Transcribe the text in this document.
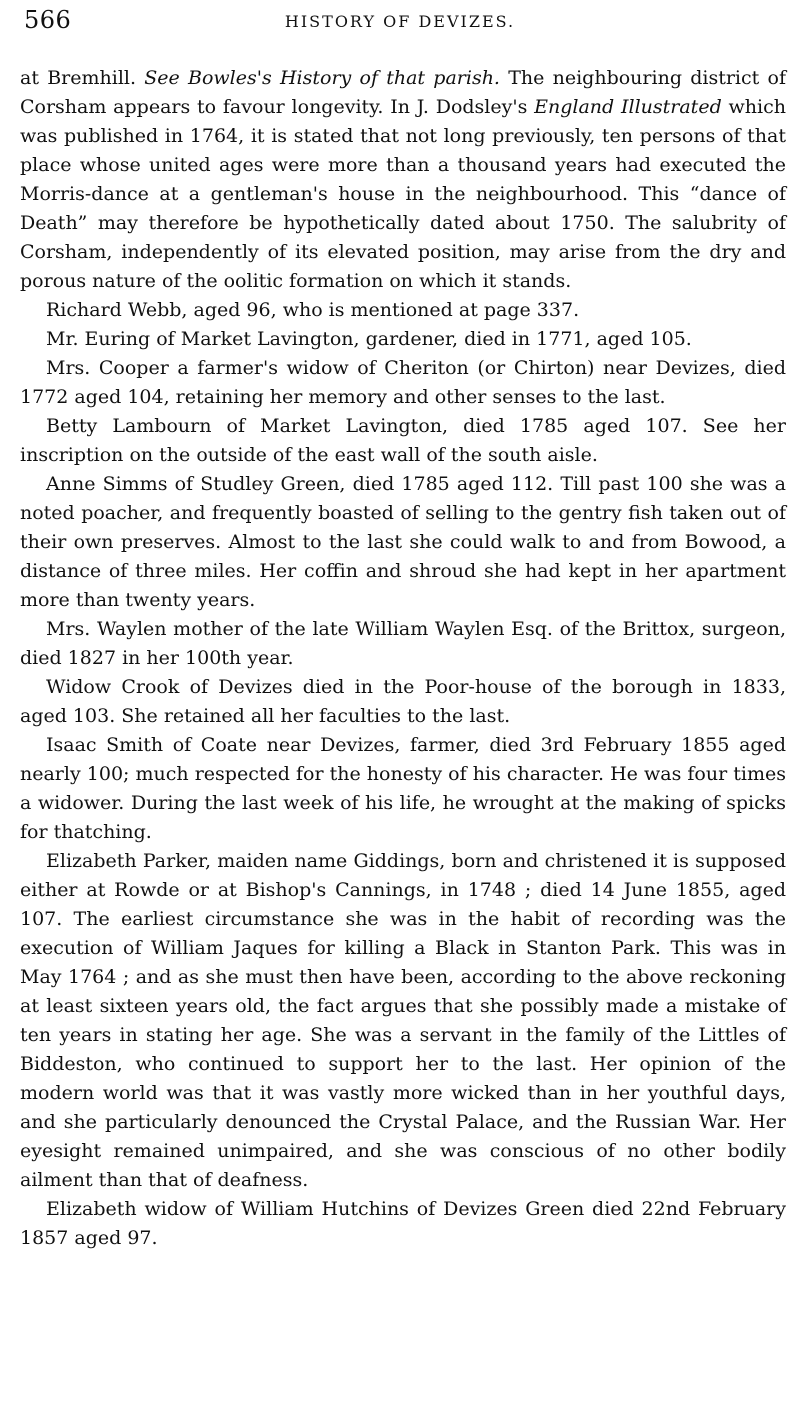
566	HISTORY OF DEVIZES.

at Bremhill. See Bowles's History of that parish. The neighbouring district of Corsham appears to favour longevity. In J. Dodsley's England Illustrated which was published in 1764, it is stated that not long previously, ten persons of that place whose united ages were more than a thousand years had executed the Morris-dance at a gentleman's house in the neighbourhood. This “dance of Death” may therefore be hypothetically dated about 1750. The salubrity of Corsham, independently of its elevated position, may arise from the dry and porous nature of the oolitic formation on which it stands.

Richard Webb, aged 96, who is mentioned at page 337.

Mr. Euring of Market Lavington, gardener, died in 1771, aged 105.

Mrs. Cooper a farmer's widow of Cheriton (or Chirton) near Devizes, died 1772 aged 104, retaining her memory and other senses to the last.

Betty Lambourn of Market Lavington, died 1785 aged 107. See her inscription on the outside of the east wall of the south aisle.

Anne Simms of Studley Green, died 1785 aged 112. Till past 100 she was a noted poacher, and frequently boasted of selling to the gentry fish taken out of their own preserves. Almost to the last she could walk to and from Bowood, a distance of three miles. Her coffin and shroud she had kept in her apartment more than twenty years.

Mrs. Waylen mother of the late William Waylen Esq. of the Brittox, surgeon, died 1827 in her 100th year.

Widow Crook of Devizes died in the Poor-house of the borough in 1833, aged 103. She retained all her faculties to the last.

Isaac Smith of Coate near Devizes, farmer, died 3rd February 1855 aged nearly 100; much respected for the honesty of his character. He was four times a widower. During the last week of his life, he wrought at the making of spicks for thatching.

Elizabeth Parker, maiden name Giddings, born and christened it is supposed either at Rowde or at Bishop's Cannings, in 1748 ; died 14 June 1855, aged 107. The earliest circumstance she was in the habit of recording was the execution of William Jaques for killing a Black in Stanton Park. This was in May 1764 ; and as she must then have been, according to the above reckoning at least sixteen years old, the fact argues that she possibly made a mistake of ten years in stating her age. She was a servant in the family of the Littles of Biddeston, who continued to support her to the last. Her opinion of the modern world was that it was vastly more wicked than in her youthful days, and she particularly denounced the Crystal Palace, and the Russian War. Her eyesight remained unimpaired, and she was conscious of no other bodily ailment than that of deafness.

Elizabeth widow of William Hutchins of Devizes Green died 22nd February 1857 aged 97.
